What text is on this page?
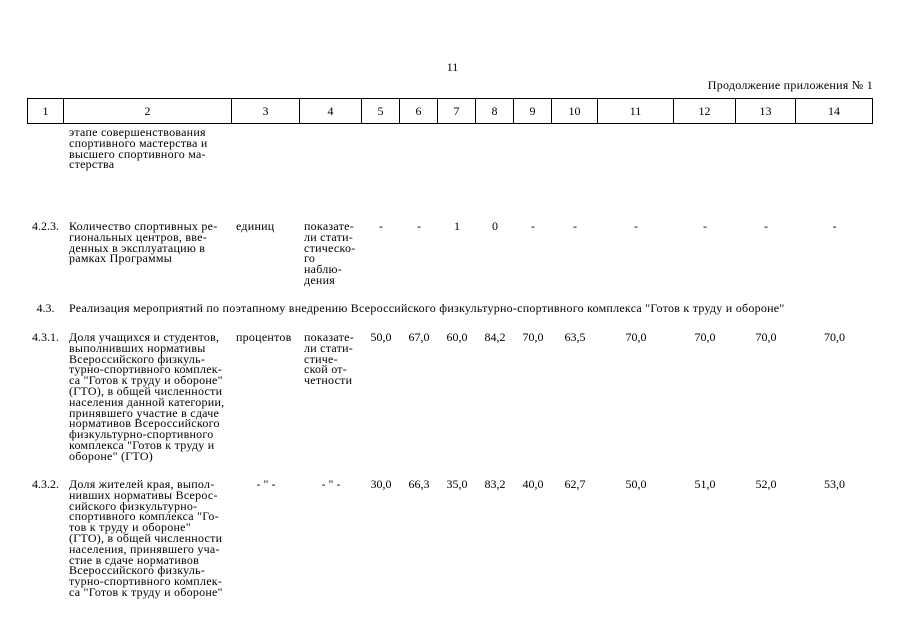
11
Продолжение приложения № 1
1	2	3	4	5	6	7	8	9	10	11	12	13	14
этапе совершенствования
спортивного мастерства и
высшего спортивного ма-
стерства
4.2.3. Количество спортивных ре-
гиональных центров, вве-
денных в эксплуатацию в
рамках Программы
единиц	показате-
ли стати-
стическо-
го
наблю-
дения
-	-	1	0	-	-	-	-	-	-
4.3.	Реализация мероприятий по поэтапному внедрению Всероссийского физкультурно-спортивного комплекса "Готов к труду и обороне"
4.3.1. Доля учащихся и студентов,
выполнивших нормативы
Всероссийского физкуль-
турно-спортивного комплек-
са "Готов к труду и обороне"
(ГТО), в общей численности
населения данной категории,
принявшего участие в сдаче
нормативов Всероссийского
физкультурно-спортивного
комплекса "Готов к труду и
обороне" (ГТО)
процентов	показате-
ли стати-
стиче-
ской от-
четности
50,0	67,0	60,0	84,2	70,0	63,5	70,0	70,0	70,0	70,0
4.3.2. Доля жителей края, выпол-
нивших нормативы Всерос-
сийского физкультурно-
спортивного комплекса "Го-
тов к труду и обороне"
(ГТО), в общей численности
населения, принявшего уча-
стие в сдаче нормативов
Всероссийского физкуль-
турно-спортивного комплек-
са "Готов к труду и обороне"
- " -	- " -	30,0	66,3	35,0	83,2	40,0	62,7	50,0	51,0	52,0	53,0
